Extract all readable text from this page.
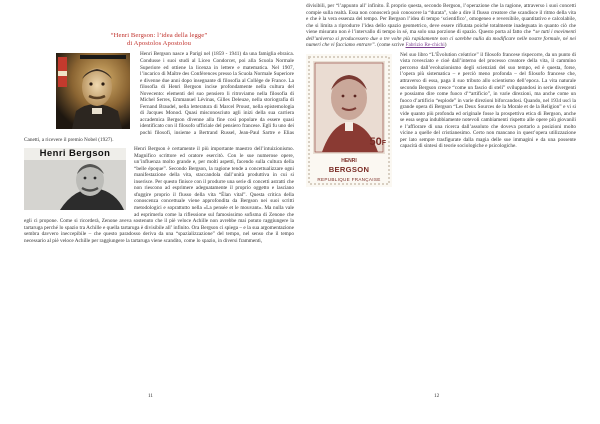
“Henri Bergson: l’idea della legge”
di Apostolos Apostolou

Henri Bergson nasce a Parigi nel (1859 - 1941) da una famiglia ebraica. Condusse i suoi studi al Liceo Condorcet, poi alla Scuola Normale Superiore ed ottiene la licenza in lettere e matematica. Nel 1907, l’incarico di Maître des Conférences presso la Scuola Normale Superiore e divenne due anni dopo insegnante di filosofia al Collège de France. La filosofia di Henri Bergson incise profondamente nella cultura del Novecento: elementi del suo pensiero li ritroviamo nella filosofia di Michel Serres, Emmanuel Lévinas, Gilles Deleuze, nella storiografia di Fernand Braudel, nella letteratura di Marcel Proust, nella epistemologia di Jacques Monod. Quasi misconosciuto agli inizi della sua carriera accademica Bergson divenne alla fine così popolare da essere quasi identificato con il filosofo ufficiale del pensiero francese. Egli fu uno dei pochi filosofi, insieme a Bertrand Russel, Jean-Paul Sartre e Elias Canetti, a ricevere il premio Nobel (1927).

Henri Bergson	Henri Bergson è certamente il più importante maestro dell’intuizionismo. Magnifico scrittore ed oratore esercitò. Con le sue numerose opere, un’influenza molto grande e, per molti aspetti, facendo sulla cultura della “belle époque”. Secondo Bergson, la ragione tende a concettualizzare ogni manifestazione della vita, staccandola dall’unità produttiva in cui si inserisce. Per questo finisce con il produrre una serie di concetti astratti che non riescono ad esprimere adeguatamente il proprio oggetto e lasciano sfuggire proprio il flusso della vita “Élan vital”. Questa critica della conoscenza concettuale viene approfondita da Bergson nei suoi scritti metodologici e soprattutto nella «La pensée et le mouvant». Ma nulla vale ad esprimerla come la riflessione sul famosissimo sofisma di Zenone che egli ci propone. Come si ricorderà, Zenone aveva sostenuto che il piè veloce Achille non avrebbe mai potuto raggiungere la tartaruga perché lo spazio tra Achille e quella tartaruga è divisibile all’ infinito. Ora Bergson ci spiega – e la sua argomentazione sembra davvero ineccepibile – che questo paradosso deriva da una “spazializzazione” del tempo, nel senso che il tempo necessario al piè veloce Achille per raggiungere la tartaruga viene scandito, come lo spazio, in diversi frammenti,

11

divisibili, per “l’appunto all’ infinito. È proprio questa, secondo Bergson, l’operazione che la ragione, attraverso i suoi concetti compie sulla realtà. Essa non conoscerà può conoscere la “durata”, vale a dire il flusso creatore che scandisce il ritmo della vita e che è la vera essenza del tempo. Per Bergson l’idea di tempo ‘scientifico’, omogeneo e reversibile, quantitativo e calcolabile, che si limita a riprodurre l’idea dello spazio geometrico, deve essere rifiutata poiché totalmente inadeguata in quanto ciò che viene misurato non è l’intervallo di tempo in sé, ma solo una porzione di spazio. Questo porta al fatto che “se tutti i movimenti dell’universo si producessero due o tre volte più rapidamente non ci sarebbe nulla da modificare nelle nostre formule, né nei numeri che vi facciamo entrare”. (come scrive Fabrizio Re-chichi)

50F
HENRI
BERGSON
REPUBLIQUE FRANÇAISE

Nel suo libro “L’Évolution créatrice” il filosofo francese rispecorre, da un punto di vista rovesciato e cioè dall’interno del processo creatore della vita, il cammino percorso dall’evoluzionismo degli scienziati del suo tempo, ed è questa, forse, l’opera più sistematica – e perciò meno profonda – del filosofo francese che, attraverso di essa, paga il suo tributo allo scientismo dell’epoca. La vita naturale secondo Bergson cresce “come un fascio di steli” sviluppandosi in serie divergenti e possiamo dire come fuoco d’“artificio”, in varie direzioni, ma anche come un fuoco d’artificio “esplode” in varie direzioni biforcandosi. Quando, nel 1934 uscì la grande opera di Bergson “Les Deux Sources de la Morale et de la Religion” e vi si vide quanto più profonda ed originale fosse la prospettiva etica di Bergson, anche se essa segna indubbiamente notevoli cambiamenti rispetto alle opere più giovanili e l’affiorare di una ricerca dall’assoluto che doveva portarlo a posizioni molto vicine a quelle del cristianesimo. Certo non mancano in quest’opera utilizzazione per lato sempre trasfigurate dalla magia delle sue immagini e da una possente capacità di sintesi di teorie sociologiche e psicologiche.

12
